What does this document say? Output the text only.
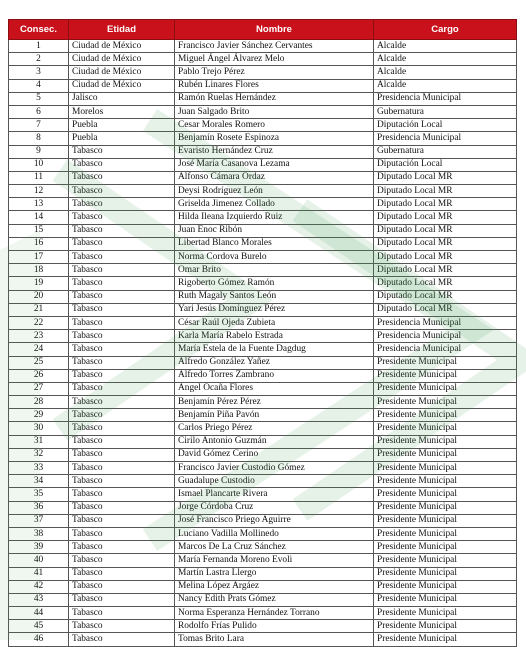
Consec.	Etidad	Nombre	Cargo
1	Ciudad de México	Francisco Javier Sánchez Cervantes	Alcalde
2	Ciudad de México	Miguel Ángel Álvarez Melo	Alcalde
3	Ciudad de México	Pablo Trejo Pérez	Alcalde
4	Ciudad de México	Rubén Linares Flores	Alcalde
5	Jalisco	Ramón Ruelas Hernández	Presidencia Municipal
6	Morelos	Juan Salgado Brito	Gubernatura
7	Puebla	Cesar Morales Romero	Diputación Local
8	Puebla	Benjamín Rosete Espinoza	Presidencia Municipal
9	Tabasco	Evaristo Hernández Cruz	Gubernatura
10	Tabasco	José María Casanova Lezama	Diputación Local
11	Tabasco	Alfonso Cámara Ordaz	Diputado Local MR
12	Tabasco	Deysi Rodríguez León	Diputado Local MR
13	Tabasco	Griselda Jimenez Collado	Diputado Local MR
14	Tabasco	Hilda Ileana Izquierdo Ruiz	Diputado Local MR
15	Tabasco	Juan Enoc Ribón	Diputado Local MR
16	Tabasco	Libertad Blanco Morales	Diputado Local MR
17	Tabasco	Norma Cordova Burelo	Diputado Local MR
18	Tabasco	Omar Brito	Diputado Local MR
19	Tabasco	Rigoberto Gómez Ramón	Diputado Local MR
20	Tabasco	Ruth Magaly Santos León	Diputado Local MR
21	Tabasco	Yari Jesús Domínguez Pérez	Diputado Local MR
22	Tabasco	César Raúl Ojeda Zubieta	Presidencia Municipal
23	Tabasco	Karla María Rabelo Estrada	Presidencia Municipal
24	Tabasco	María Estela de la Fuente Dagdug	Presidencia Municipal
25	Tabasco	Alfredo González Yañez	Presidente Municipal
26	Tabasco	Alfredo Torres Zambrano	Presidente Municipal
27	Tabasco	Angel Ocaña Flores	Presidente Municipal
28	Tabasco	Benjamín Pérez Pérez	Presidente Municipal
29	Tabasco	Benjamín Piña Pavón	Presidente Municipal
30	Tabasco	Carlos Priego Pérez	Presidente Municipal
31	Tabasco	Cirilo Antonio Guzmán	Presidente Municipal
32	Tabasco	David Gómez Cerino	Presidente Municipal
33	Tabasco	Francisco Javier Custodio Gómez	Presidente Municipal
34	Tabasco	Guadalupe Custodio	Presidente Municipal
35	Tabasco	Ismael Plancarte Rivera	Presidente Municipal
36	Tabasco	Jorge Córdoba Cruz	Presidente Municipal
37	Tabasco	José Francisco Priego Aguirre	Presidente Municipal
38	Tabasco	Luciano Vadilla Mollinedo	Presidente Municipal
39	Tabasco	Marcos De La Cruz Sánchez	Presidente Municipal
40	Tabasco	María Fernanda Moreno Evoli	Presidente Municipal
41	Tabasco	Martín Lastra Llergo	Presidente Municipal
42	Tabasco	Melina López Argáez	Presidente Municipal
43	Tabasco	Nancy Edith Prats Gómez	Presidente Municipal
44	Tabasco	Norma Esperanza Hernández Torrano	Presidente Municipal
45	Tabasco	Rodolfo Frías Pulido	Presidente Municipal
46	Tabasco	Tomas Brito Lara	Presidente Municipal
